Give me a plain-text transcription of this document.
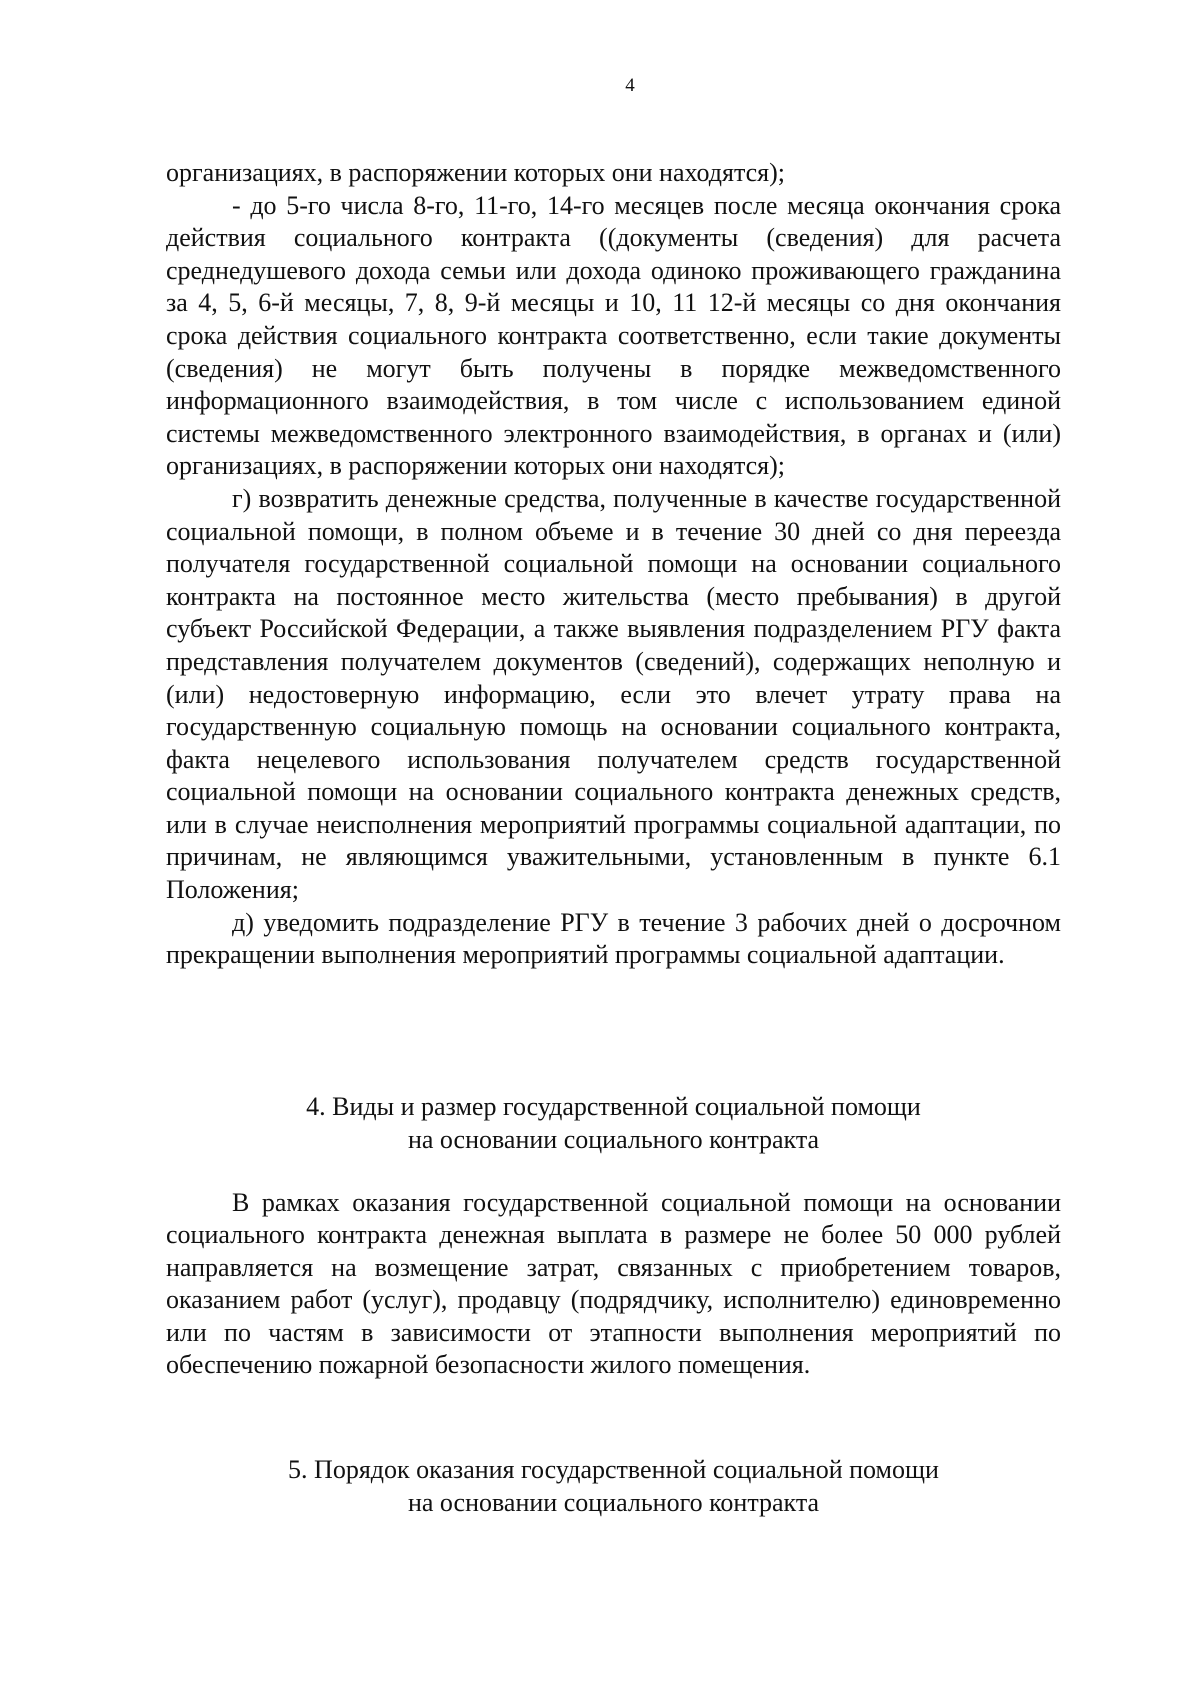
4

организациях, в распоряжении которых они находятся);

- до 5-го числа 8-го, 11-го, 14-го месяцев после месяца окончания срока действия социального контракта ((документы (сведения) для расчета среднедушевого дохода семьи или дохода одиноко проживающего гражданина за 4, 5, 6-й месяцы, 7, 8, 9-й месяцы и 10, 11 12-й месяцы со дня окончания срока действия социального контракта соответственно, если такие документы (сведения) не могут быть получены в порядке межведомственного информационного взаимодействия, в том числе с использованием единой системы межведомственного электронного взаимодействия, в органах и (или) организациях, в распоряжении которых они находятся);

г) возвратить денежные средства, полученные в качестве государственной социальной помощи, в полном объеме и в течение 30 дней со дня переезда получателя государственной социальной помощи на основании социального контракта на постоянное место жительства (место пребывания) в другой субъект Российской Федерации, а также выявления подразделением РГУ факта представления получателем документов (сведений), содержащих неполную и (или) недостоверную информацию, если это влечет утрату права на государственную социальную помощь на основании социального контракта, факта нецелевого использования получателем средств государственной социальной помощи на основании социального контракта денежных средств, или в случае неисполнения мероприятий программы социальной адаптации, по причинам, не являющимся уважительными, установленным в пункте 6.1 Положения;

д) уведомить подразделение РГУ в течение 3 рабочих дней о досрочном прекращении выполнения мероприятий программы социальной адаптации.

4. Виды и размер государственной социальной помощи
на основании социального контракта

В рамках оказания государственной социальной помощи на основании социального контракта денежная выплата в размере не более 50 000 рублей направляется на возмещение затрат, связанных с приобретением товаров, оказанием работ (услуг), продавцу (подрядчику, исполнителю) единовременно или по частям в зависимости от этапности выполнения мероприятий по обеспечению пожарной безопасности жилого помещения.

5. Порядок оказания государственной социальной помощи
на основании социального контракта
